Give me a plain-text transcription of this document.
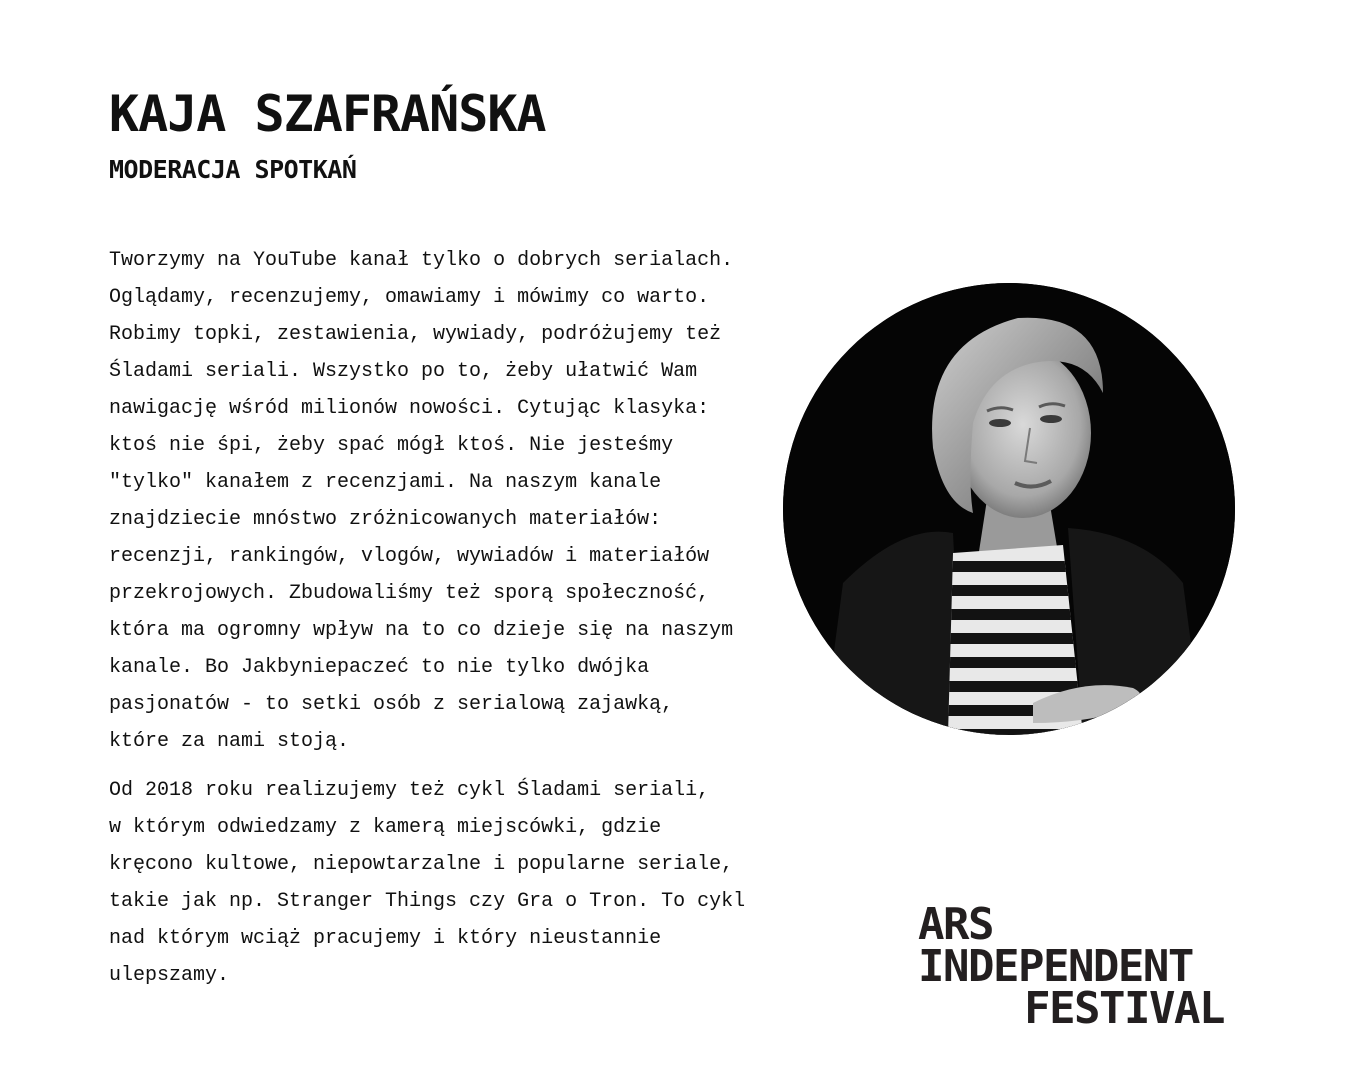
KAJA SZAFRAŃSKA
MODERACJA SPOTKAŃ

Tworzymy na YouTube kanał tylko o dobrych serialach.
Oglądamy, recenzujemy, omawiamy i mówimy co warto.
Robimy topki, zestawienia, wywiady, podróżujemy też
Śladami seriali. Wszystko po to, żeby ułatwić Wam
nawigację wśród milionów nowości. Cytując klasyka:
ktoś nie śpi, żeby spać mógł ktoś. Nie jesteśmy
"tylko" kanałem z recenzjami. Na naszym kanale
znajdziecie mnóstwo zróżnicowanych materiałów:
recenzji, rankingów, vlogów, wywiadów i materiałów
przekrojowych. Zbudowaliśmy też sporą społeczność,
która ma ogromny wpływ na to co dzieje się na naszym
kanale. Bo Jakbyniepaczeć to nie tylko dwójka
pasjonatów - to setki osób z serialową zajawką,
które za nami stoją.

Od 2018 roku realizujemy też cykl Śladami seriali,
w którym odwiedzamy z kamerą miejscówki, gdzie
kręcono kultowe, niepowtarzalne i popularne seriale,
takie jak np. Stranger Things czy Gra o Tron. To cykl
nad którym wciąż pracujemy i który nieustannie
ulepszamy.

ARS
INDEPENDENT
FESTIVAL
